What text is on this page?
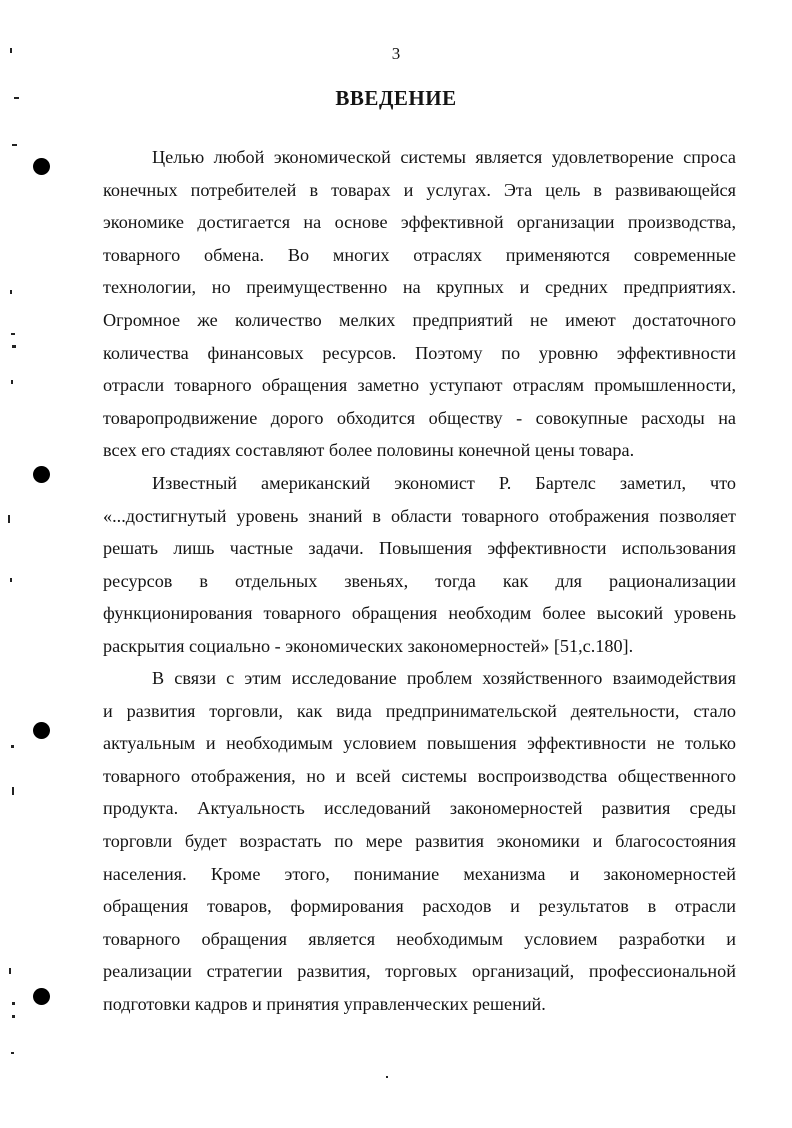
3
ВВЕДЕНИЕ
Целью любой экономической системы является удовлетворение спроса
конечных потребителей в товарах и услугах. Эта цель в развивающейся
экономике достигается на основе эффективной организации производства,
товарного обмена. Во многих отраслях применяются современные
технологии, но преимущественно на крупных и средних предприятиях.
Огромное же количество мелких предприятий не имеют достаточного
количества финансовых ресурсов. Поэтому по уровню эффективности
отрасли товарного обращения заметно уступают отраслям промышленности,
товаропродвижение дорого обходится обществу - совокупные расходы на
всех его стадиях составляют более половины конечной цены товара.
Известный американский экономист Р. Бартелс заметил, что
«...достигнутый уровень знаний в области товарного отображения позволяет
решать лишь частные задачи. Повышения эффективности использования
ресурсов в отдельных звеньях, тогда как для рационализации
функционирования товарного обращения необходим более высокий уровень
раскрытия социально - экономических закономерностей» [51,с.180].
В связи с этим исследование проблем хозяйственного взаимодействия
и развития торговли, как вида предпринимательской деятельности, стало
актуальным и необходимым условием повышения эффективности не только
товарного отображения, но и всей системы воспроизводства общественного
продукта. Актуальность исследований закономерностей развития среды
торговли будет возрастать по мере развития экономики и благосостояния
населения. Кроме этого, понимание механизма и закономерностей
обращения товаров, формирования расходов и результатов в отрасли
товарного обращения является необходимым условием разработки и
реализации стратегии развития, торговых организаций, профессиональной
подготовки кадров и принятия управленческих решений.
